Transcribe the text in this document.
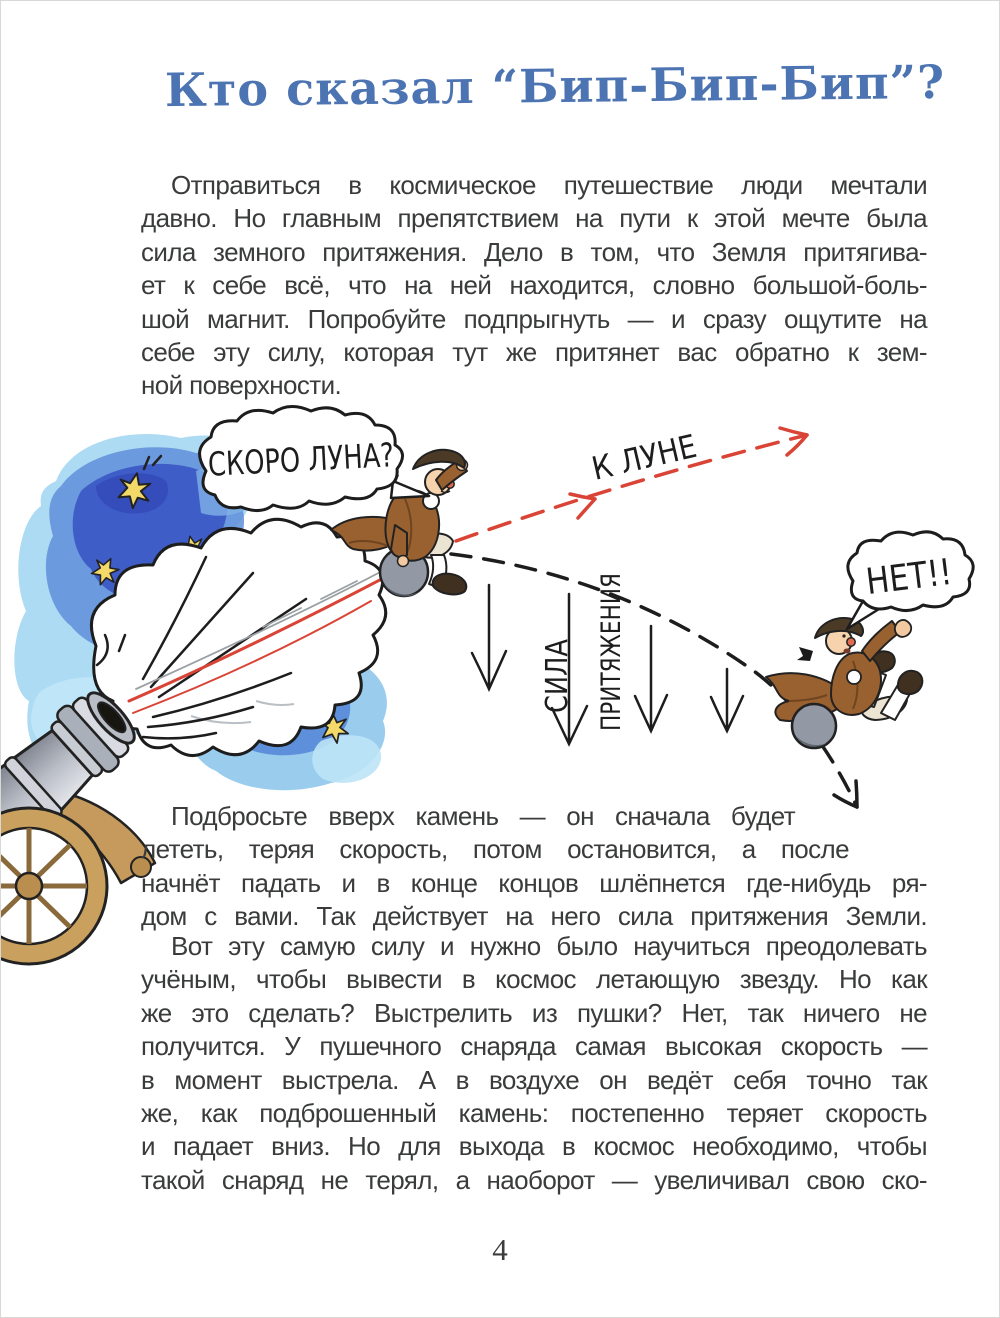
Кто сказал “Бип-Бип-Бип”?
Отправиться в космическое путешествие люди мечтали
давно. Но главным препятствием на пути к этой мечте была
сила земного притяжения. Дело в том, что Земля притягива-
ет к себе всё, что на ней находится, словно большой-боль-
шой магнит. Попробуйте подпрыгнуть — и сразу ощутите на
себе эту силу, которая тут же притянет вас обратно к зем-
ной поверхности.
К ЛУНЕ
СИЛА ПРИТЯЖЕНИЯ
СКОРО ЛУНА?
НЕТ!!
Подбросьте вверх камень — он сначала будет
лететь, теряя скорость, потом остановится, а после
начнёт падать и в конце концов шлёпнется где-нибудь ря-
дом с вами. Так действует на него сила притяжения Земли.
Вот эту самую силу и нужно было научиться преодолевать
учёным, чтобы вывести в космос летающую звезду. Но как
же это сделать? Выстрелить из пушки? Нет, так ничего не
получится. У пушечного снаряда самая высокая скорость —
в момент выстрела. А в воздухе он ведёт себя точно так
же, как подброшенный камень: постепенно теряет скорость
и падает вниз. Но для выхода в космос необходимо, чтобы
такой снаряд не терял, а наоборот — увеличивал свою ско-
4
